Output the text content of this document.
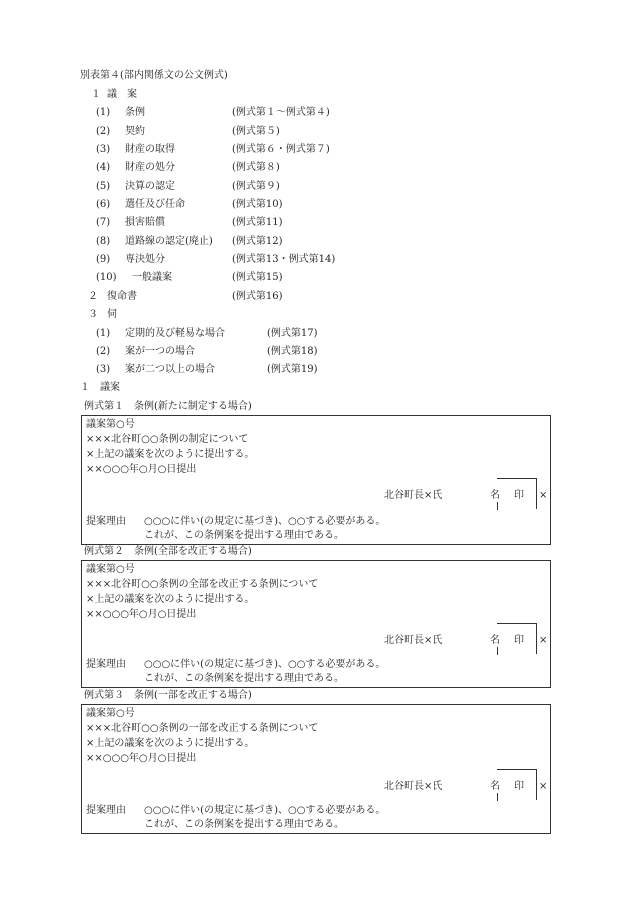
別表第４(部内関係文の公文例式)
１ 議　案
(1) 条例	(例式第１～例式第４)
(2) 契約	(例式第５)
(3) 財産の取得	(例式第６・例式第７)
(4) 財産の処分	(例式第８)
(5) 決算の認定	(例式第９)
(6) 選任及び任命	(例式第10)
(7) 損害賠償	(例式第11)
(8) 道路線の認定(廃止) (例式第12)
(9) 専決処分	(例式第13・例式第14)
(10) 一般議案	(例式第15)
２ 復命書	(例式第16)
３ 伺
(1) 定期的及び軽易な場合	(例式第17)
(2) 案が一つの場合	(例式第18)
(3) 案が二つ以上の場合	(例式第19)
１　議案
例式第１　条例(新たに制定する場合)
議案第○号
×××北谷町○○条例の制定について
×上記の議案を次のように提出する。
××○○○年○月○日提出
北谷町長×氏	名 印 ×
提案理由 ○○○に伴い(の規定に基づき)、○○する必要がある。
これが、この条例案を提出する理由である。
例式第２　条例(全部を改正する場合)
議案第○号
×××北谷町○○条例の全部を改正する条例について
×上記の議案を次のように提出する。
××○○○年○月○日提出
北谷町長×氏	名 印 ×
提案理由 ○○○に伴い(の規定に基づき)、○○する必要がある。
これが、この条例案を提出する理由である。
例式第３　条例(一部を改正する場合)
議案第○号
×××北谷町○○条例の一部を改正する条例について
×上記の議案を次のように提出する。
××○○○年○月○日提出
北谷町長×氏	名 印 ×
提案理由 ○○○に伴い(の規定に基づき)、○○する必要がある。
これが、この条例案を提出する理由である。
